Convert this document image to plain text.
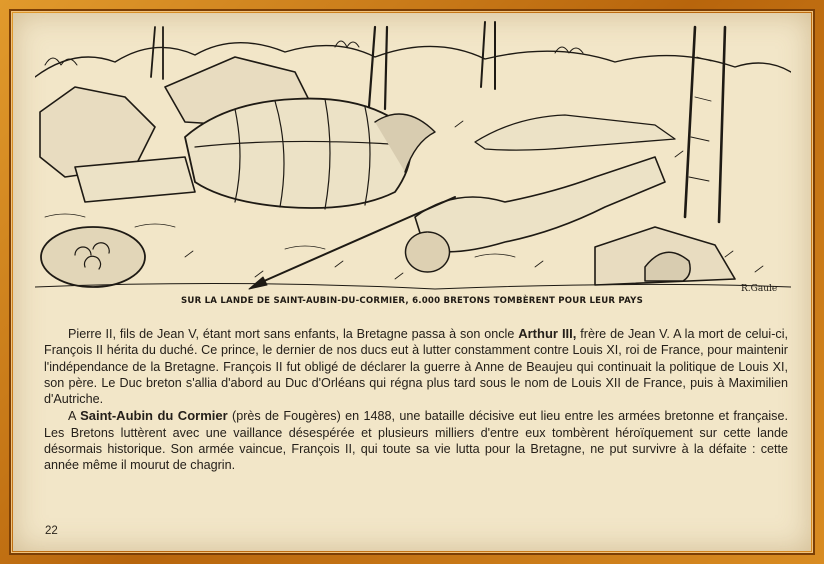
R.Gaule
SUR LA LANDE DE SAINT-AUBIN-DU-CORMIER, 6.000 BRETONS TOMBÈRENT POUR LEUR PAYS

Pierre II, fils de Jean V, étant mort sans enfants, la Bretagne passa à son oncle Arthur III, frère de Jean V. A la mort de celui-ci, François II hérita du duché. Ce prince, le dernier de nos ducs eut à lutter constamment contre Louis XI, roi de France, pour maintenir l'indépendance de la Bretagne. François II fut obligé de déclarer la guerre à Anne de Beaujeu qui continuait la politique de Louis XI, son père. Le Duc breton s'allia d'abord au Duc d'Orléans qui régna plus tard sous le nom de Louis XII de France, puis à Maximilien d'Autriche.

A Saint-Aubin du Cormier (près de Fougères) en 1488, une bataille décisive eut lieu entre les armées bretonne et française. Les Bretons luttèrent avec une vaillance désespérée et plusieurs milliers d'entre eux tombèrent héroïquement sur cette lande désormais historique. Son armée vaincue, François II, qui toute sa vie lutta pour la Bretagne, ne put survivre à la défaite : cette année même il mourut de chagrin.

22
